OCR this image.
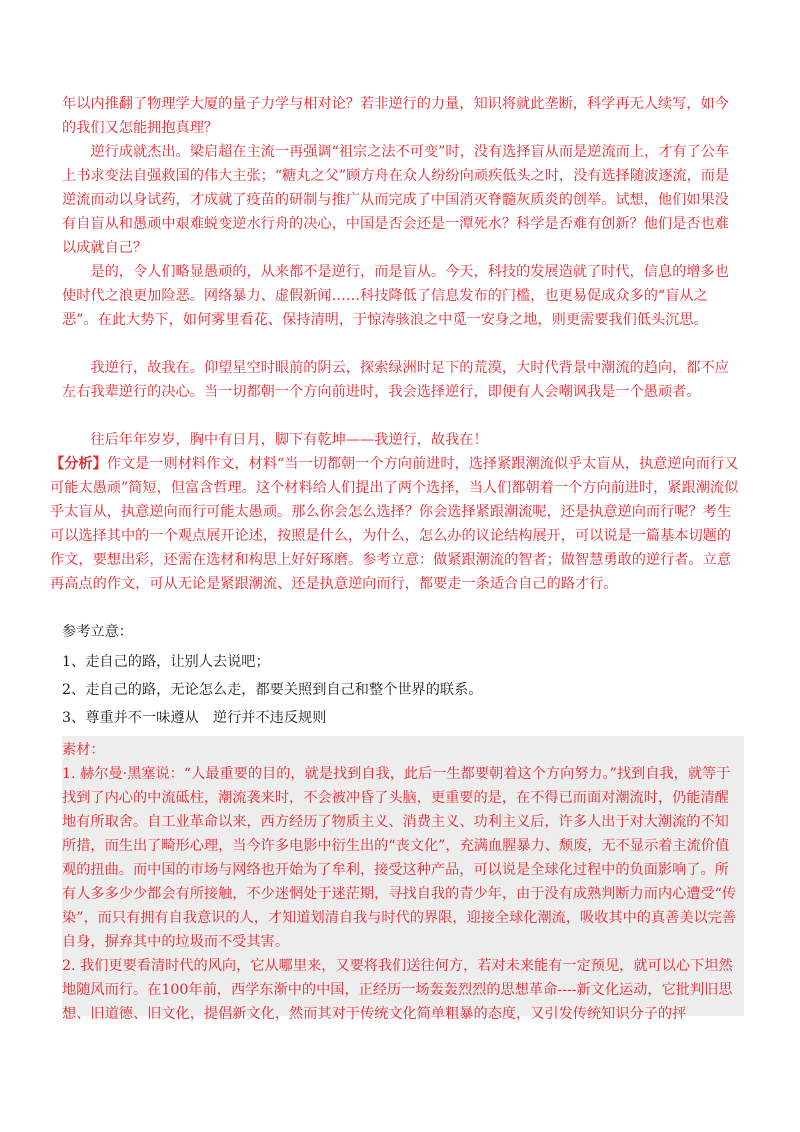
年以内推翻了物理学大厦的量子力学与相对论？若非逆行的力量，知识将就此垄断，科学再无人续写，如今的我们又怎能拥抱真理？

逆行成就杰出。梁启超在主流一再强调“祖宗之法不可变”时，没有选择盲从而是逆流而上，才有了公车上书求变法自强救国的伟大主张；“糖丸之父”顾方舟在众人纷纷向顽疾低头之时，没有选择随波逐流，而是逆流而动以身试药，才成就了疫苗的研制与推广从而完成了中国消灭脊髓灰质炎的创举。试想，他们如果没有自盲从和愚顽中艰难蜕变逆水行舟的决心，中国是否会还是一潭死水？科学是否难有创新？他们是否也难以成就自己？

是的，令人们略显愚顽的，从来都不是逆行，而是盲从。今天，科技的发展造就了时代，信息的增多也使时代之浪更加险恶。网络暴力、虚假新闻……科技降低了信息发布的门槛，也更易促成众多的“盲从之恶”。在此大势下，如何雾里看花、保持清明，于惊涛骇浪之中觅一安身之地，则更需要我们低头沉思。

我逆行，故我在。仰望星空时眼前的阴云，探索绿洲时足下的荒漠，大时代背景中潮流的趋向，都不应左右我辈逆行的决心。当一切都朝一个方向前进时，我会选择逆行，即便有人会嘲讽我是一个愚顽者。

往后年年岁岁，胸中有日月，脚下有乾坤——我逆行，故我在！

【分析】作文是一则材料作文，材料“当一切都朝一个方向前进时，选择紧跟潮流似乎太盲从，执意逆向而行又可能太愚顽”简短，但富含哲理。这个材料给人们提出了两个选择，当人们都朝着一个方向前进时，紧跟潮流似乎太盲从，执意逆向而行可能太愚顽。那么你会怎么选择？你会选择紧跟潮流呢，还是执意逆向而行呢？考生可以选择其中的一个观点展开论述，按照是什么，为什么，怎么办的议论结构展开，可以说是一篇基本切题的作文，要想出彩，还需在选材和构思上好好琢磨。参考立意：做紧跟潮流的智者；做智慧勇敢的逆行者。立意再高点的作文，可从无论是紧跟潮流、还是执意逆向而行，都要走一条适合自己的路才行。

参考立意：

1、走自己的路，让别人去说吧；

2、走自己的路，无论怎么走，都要关照到自己和整个世界的联系。

3、尊重并不一味遵从　逆行并不违反规则

素材：

1. 赫尔曼·黑塞说：“人最重要的目的，就是找到自我，此后一生都要朝着这个方向努力。”找到自我，就等于找到了内心的中流砥柱，潮流袭来时，不会被冲昏了头脑，更重要的是，在不得已而面对潮流时，仍能清醒地有所取舍。自工业革命以来，西方经历了物质主义、消费主义、功利主义后，许多人出于对大潮流的不知所措，而生出了畸形心理，当今许多电影中衍生出的“丧文化”，充满血腥暴力、颓废，无不显示着主流价值观的扭曲。而中国的市场与网络也开始为了牟利，接受这种产品，可以说是全球化过程中的负面影响了。所有人多多少少都会有所接触，不少迷惘处于迷茫期，寻找自我的青少年，由于没有成熟判断力而内心遭受“传染”，而只有拥有自我意识的人，才知道划清自我与时代的界限，迎接全球化潮流，吸收其中的真善美以完善自身，摒弃其中的垃圾而不受其害。

2. 我们更要看清时代的风向，它从哪里来，又要将我们送往何方，若对未来能有一定预见，就可以心下坦然地随风而行。在100年前，西学东渐中的中国，正经历一场轰轰烈烈的思想革命----新文化运动，它批判旧思想、旧道德、旧文化，提倡新文化，然而其对于传统文化简单粗暴的态度，又引发传统知识分子的抨
